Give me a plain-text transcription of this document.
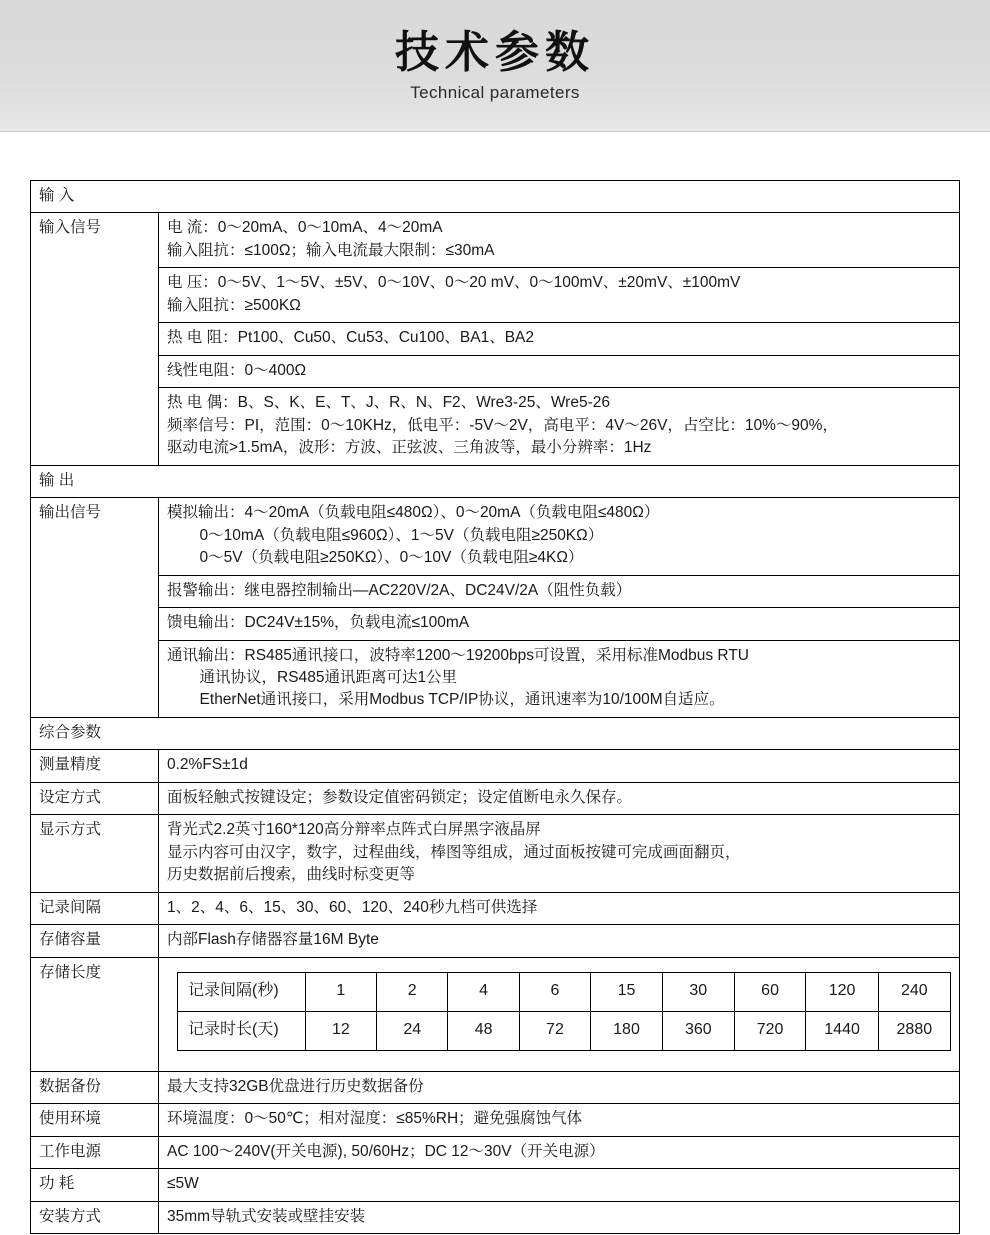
技术参数
Technical parameters
输 入
输入信号	电 流：0～20mA、0～10mA、4～20mA
输入阻抗：≤100Ω；输入电流最大限制：≤30mA

电 压：0～5V、1～5V、±5V、0～10V、0～20 mV、0～100mV、±20mV、±100mV
输入阻抗：≥500KΩ

热 电 阻：Pt100、Cu50、Cu53、Cu100、BA1、BA2

线性电阻：0～400Ω

热 电 偶：B、S、K、E、T、J、R、N、F2、Wre3-25、Wre5-26
频率信号：PI，范围：0～10KHz，低电平：-5V～2V，高电平：4V～26V，占空比：10%～90%，
驱动电流>1.5mA，波形：方波、正弦波、三角波等，最小分辨率：1Hz

输 出
输出信号	模拟输出：4～20mA（负载电阻≤480Ω）、0～20mA（负载电阻≤480Ω）
0～10mA（负载电阻≤960Ω）、1～5V（负载电阻≥250KΩ）
0～5V（负载电阻≥250KΩ）、0～10V（负载电阻≥4KΩ）

报警输出：继电器控制输出—AC220V/2A、DC24V/2A（阻性负载）

馈电输出：DC24V±15%，负载电流≤100mA

通讯输出：RS485通讯接口，波特率1200～19200bps可设置，采用标准Modbus RTU
通讯协议，RS485通讯距离可达1公里
EtherNet通讯接口，采用Modbus TCP/IP协议，通讯速率为10/100M自适应。

综合参数
测量精度	0.2%FS±1d
设定方式	面板轻触式按键设定；参数设定值密码锁定；设定值断电永久保存。
显示方式	背光式2.2英寸160*120高分辩率点阵式白屏黑字液晶屏
显示内容可由汉字，数字，过程曲线，棒图等组成，通过面板按键可完成画面翻页，
历史数据前后搜索，曲线时标变更等

记录间隔	1、2、4、6、15、30、60、120、240秒九档可供选择
存储容量	内部Flash存储器容量16M Byte
存储长度	
记录间隔(秒)	1	2	4	6	15	30	60	120	240
记录时长(天)	12	24	48	72	180	360	720	1440	2880

数据备份	最大支持32GB优盘进行历史数据备份
使用环境	环境温度：0～50℃；相对湿度：≤85%RH；避免强腐蚀气体
工作电源	AC 100～240V(开关电源), 50/60Hz；DC 12～30V（开关电源）
功 耗	≤5W
安装方式	35mm导轨式安装或壁挂安装
